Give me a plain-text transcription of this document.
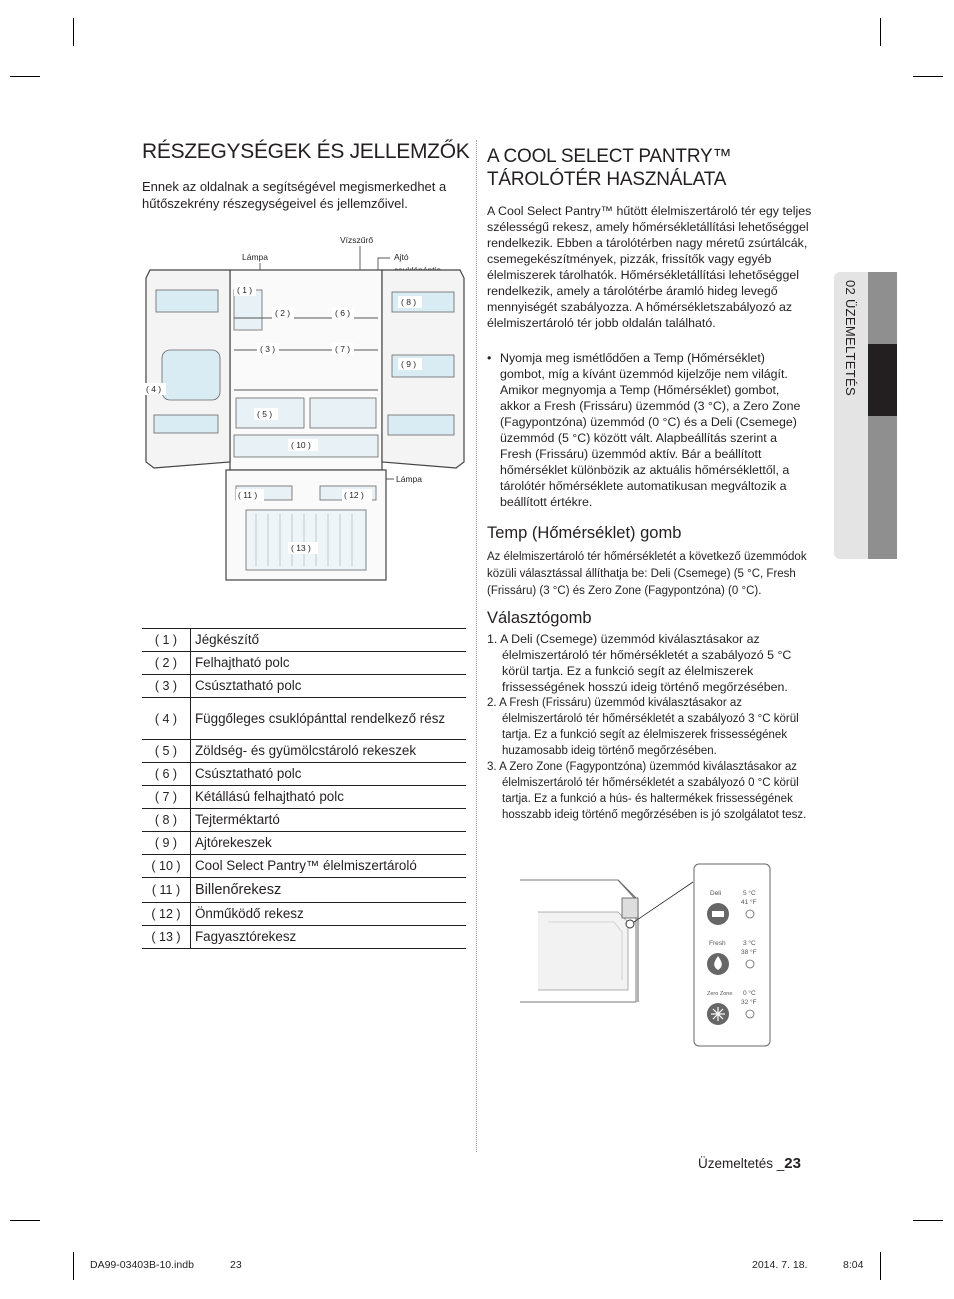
RÉSZEGYSÉGEK ÉS JELLEMZŐK

Ennek az oldalnak a segítségével megismerkedhet a hűtőszekrény részegységeivel és jellemzőivel.

Lámpa
Vízszűrő
Ajtó
Lámpa
( 1 )
( 2 )
( 3 )
( 4 )
( 5 )
( 6 )
( 7 )
( 8 )
( 9 )
( 10 )
( 11 )	( 12 )
( 13 )
( 1 )	Jégkészítő
( 2 )	Felhajtható polc
( 3 )	Csúsztatható polc
( 4 )	Függőleges csuklópánttal rendelkező rész
( 5 )	Zöldség- és gyümölcstároló rekeszek
( 6 )	Csúsztatható polc
( 7 )	Kétállású felhajtható polc
( 8 )	Tejterméktartó
( 9 )	Ajtórekeszek
( 10 )	Cool Select Pantry™ élelmiszertároló
( 11 )	Billenőrekesz
( 12 )	Önműködő rekesz
( 13 )	Fagyasztórekesz
A COOL SELECT PANTRY™
TÁROLÓTÉR HASZNÁLATA
A Cool Select Pantry™ hűtött élelmiszertároló tér egy teljes szélességű rekesz, amely hőmérsékletállítási lehetőséggel rendelkezik. Ebben a tárolótérben nagy méretű zsúrtálcák, csemegekészítmények, pizzák, frissítők vagy egyéb élelmiszerek tárolhatók. Hőmérsékletállítási lehetőséggel rendelkezik, amely a tárolótérbe áramló hideg levegő mennyiségét szabályozza. A hőmérsékletszabályozó az élelmiszertároló tér jobb oldalán található.
• Nyomja meg ismétlődően a Temp (Hőmérséklet) gombot, míg a kívánt üzemmód kijelzője nem világít. Amikor megnyomja a Temp (Hőmérséklet) gombot, akkor a Fresh (Frissáru) üzemmód (3 °C), a Zero Zone (Fagypontzóna) üzemmód (0 °C) és a Deli (Csemege) üzemmód (5 °C) között vált. Alapbeállítás szerint a Fresh (Frissáru) üzemmód aktív. Bár a beállított hőmérséklet különbözik az aktuális hőmérséklettől, a tárolótér hőmérséklete automatikusan megváltozik a beállított értékre.
Temp (Hőmérséklet) gomb
Az élelmiszertároló tér hőmérsékletét a következő üzemmódok közüli választással állíthatja be: Deli (Csemege) (5 °C, Fresh (Frissáru) (3 °C) és Zero Zone (Fagypontzóna) (0 °C).
Választógomb
1. A Deli (Csemege) üzemmód kiválasztásakor az élelmiszertároló tér hőmérsékletét a szabályozó 5 °C körül tartja. Ez a funkció segít az élelmiszerek frissességének hosszú ideig történő megőrzésében.
2. A Fresh (Frissáru) üzemmód kiválasztásakor az élelmiszertároló tér hőmérsékletét a szabályozó 3 °C körül tartja. Ez a funkció segít az élelmiszerek frissességének huzamosabb ideig történő megőrzésében.
3. A Zero Zone (Fagypontzóna) üzemmód kiválasztásakor az élelmiszertároló tér hőmérsékletét a szabályozó 0 °C körül tartja. Ez a funkció a hús- és haltermékek frissességének hosszabb ideig történő megőrzésében is jó szolgálatot tesz.
Deli	5 °C
41 °F
Fresh	3 °C
38 °F
Zero Zone 0 °C
32 °F
02 ÜZEMELTETÉS
Üzemeltetés _23
DA99-03403B-10.indb	23	2014. 7. 18.	8:04
